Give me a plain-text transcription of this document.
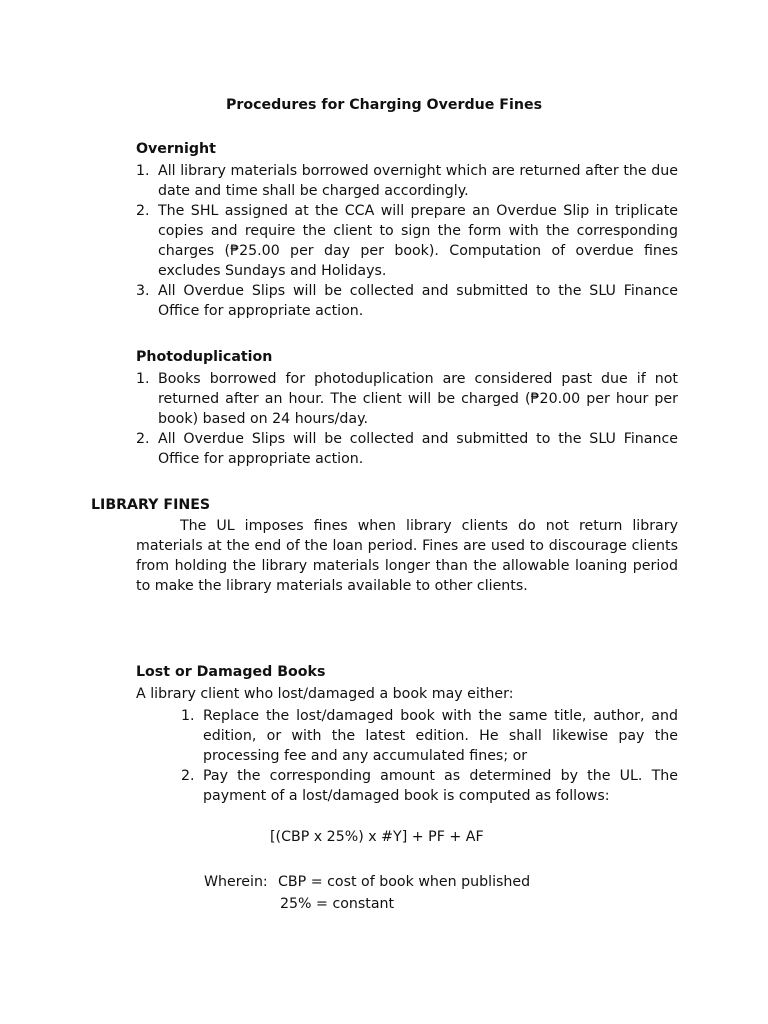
Procedures for Charging Overdue Fines
Overnight
1. All library materials borrowed overnight which are returned after the due date and time shall be charged accordingly.
2. The SHL assigned at the CCA will prepare an Overdue Slip in triplicate copies and require the client to sign the form with the corresponding charges (₱25.00 per day per book). Computation of overdue fines excludes Sundays and Holidays.
3. All Overdue Slips will be collected and submitted to the SLU Finance Office for appropriate action.
Photoduplication
1. Books borrowed for photoduplication are considered past due if not returned after an hour. The client will be charged (₱20.00 per hour per book) based on 24 hours/day.
2. All Overdue Slips will be collected and submitted to the SLU Finance Office for appropriate action.
LIBRARY FINES

The UL imposes fines when library clients do not return library materials at the end of the loan period. Fines are used to discourage clients from holding the library materials longer than the allowable loaning period to make the library materials available to other clients.

Lost or Damaged Books
A library client who lost/damaged a book may either:
1. Replace the lost/damaged book with the same title, author, and edition, or with the latest edition. He shall likewise pay the processing fee and any accumulated fines; or
2. Pay the corresponding amount as determined by the UL. The payment of a lost/damaged book is computed as follows:
[(CBP x 25%) x #Y] + PF + AF
Wherein: CBP = cost of book when published
25% = constant
